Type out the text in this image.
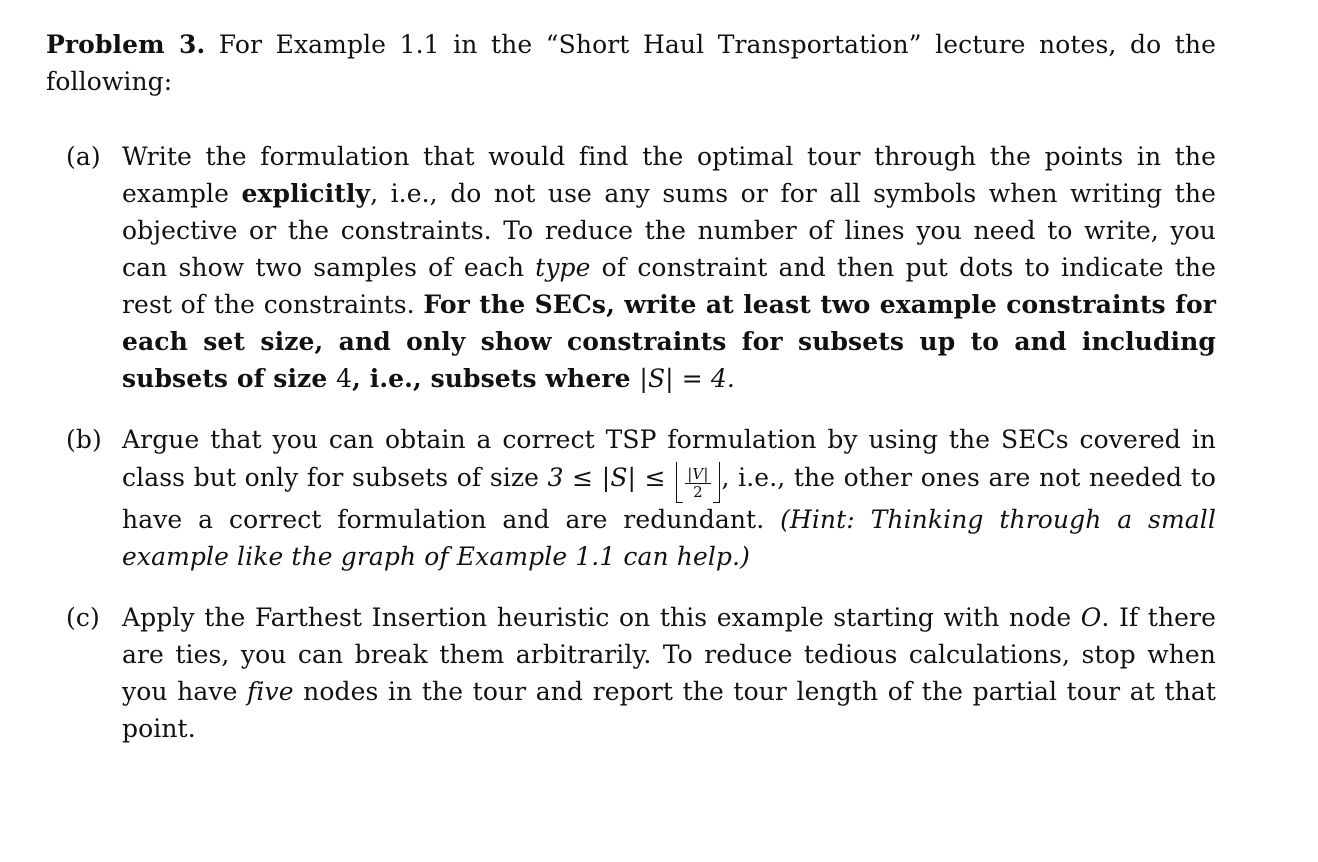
Problem 3. For Example 1.1 in the “Short Haul Transportation” lecture notes, do the following:

(a) Write the formulation that would find the optimal tour through the points in the example explicitly, i.e., do not use any sums or for all symbols when writing the objective or the constraints. To reduce the number of lines you need to write, you can show two samples of each type of constraint and then put dots to indicate the rest of the constraints. For the SECs, write at least two example constraints for each set size, and only show constraints for subsets up to and including subsets of size 4, i.e., subsets where |S| = 4.
(b) Argue that you can obtain a correct TSP formulation by using the SECs covered in class but only for subsets of size $3 \le |S| \le \frac{|V|}{2}$ , i.e., the other ones are not needed to have a correct formulation and are redundant. (Hint: Thinking through a small example like the graph of Example 1.1 can help.)
(c) Apply the Farthest Insertion heuristic on this example starting with node O. If there are ties, you can break them arbitrarily. To reduce tedious calculations, stop when you have five nodes in the tour and report the tour length of the partial tour at that point.
